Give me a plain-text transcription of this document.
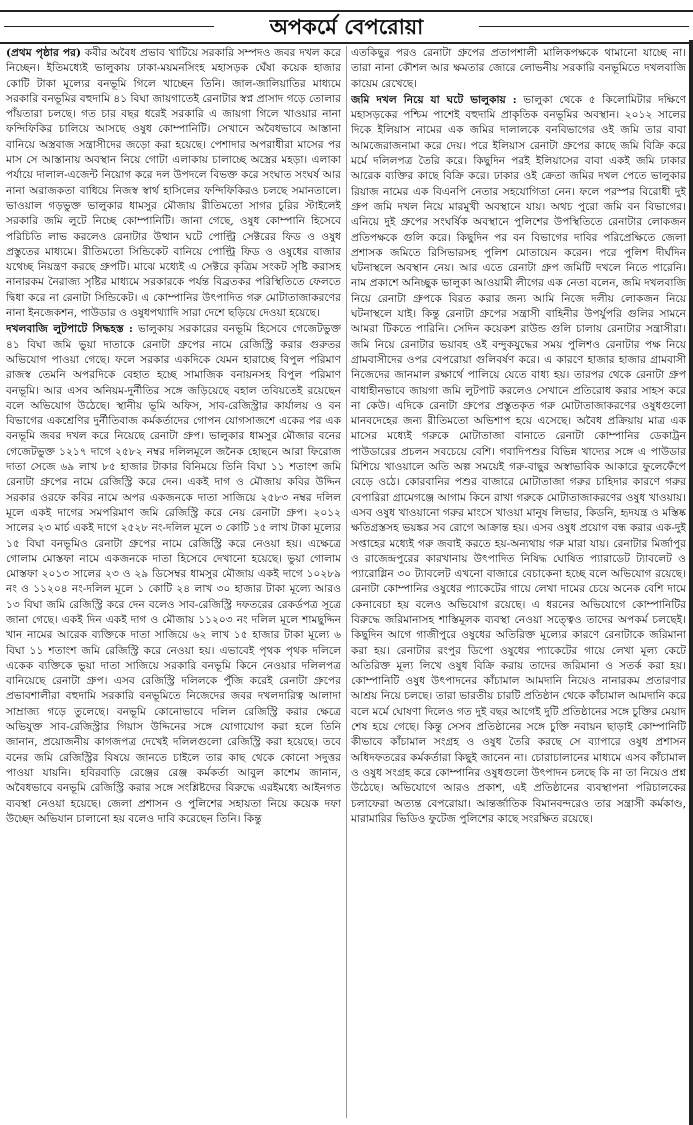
অপকর্মে বেপরোয়া

(প্রথম পৃষ্ঠার পর) কবীর অবৈধ প্রভাব খাটিয়ে সরকারি সম্পদও জবর দখল করে নিচ্ছেন। ইতিমধ্যেই ভালুকায় ঢাকা-ময়মনসিংহ মহাসড়ক ঘেঁষা কয়েক হাজার কোটি টাকা মূল্যের বনভূমি গিলে খাচ্ছেন তিনি। জাল-জালিয়াতির মাধ্যমে সরকারি বনভূমির বহুদামি ৪১ বিঘা জায়গাতেই রেনাটার স্বপ্ন প্রাসাদ গড়ে তোলার পাঁয়তারা চলছে। গত চার বছর ধরেই সরকারি এ জায়গা গিলে খাওয়ার নানা ফন্দিফিকির চালিয়ে আসছে ওষুধ কোম্পানিটি। সেখানে অবৈধভাবে আস্তানা বানিয়ে অস্ত্রবাজ সন্ত্রাসীদের জড়ো করা হয়েছে। পেশাদার অপরাধীরা মাসের পর মাস সে আস্তানায় অবস্থান নিয়ে গোটা এলাকায় চালাচ্ছে অস্ত্রের মহড়া। এলাকা পর্যায়ে দালাল-এজেন্ট নিয়োগ করে দল উপদলে বিভক্ত করে সংঘাত সংঘর্ষ আর নানা অরাজকতা বাধিয়ে নিজস্ব স্বার্থ হাসিলের ফন্দিফিকিরও চলছে সমানতালে। ভাওয়াল গড়ভুক্ত ভালুকার ধামসুর মৌজায় রীতিমতো সাগর চুরির স্টাইলেই সরকারি জমি লুটে নিচ্ছে কোম্পানিটি। জানা গেছে, ওষুধ কোম্পানি হিসেবে পরিচিতি লাভ করলেও রেনাটার উত্থান ঘটে পোল্ট্রি সেক্টরের ফিড ও ওষুধ প্রস্তুতের মাধ্যমে। রীতিমতো সিন্ডিকেট বানিয়ে পোল্ট্রি ফিড ও ওষুধের বাজার যথেচ্ছ নিয়ন্ত্রণ করছে গ্রুপটি। মাঝে মধ্যেই এ সেক্টরে কৃত্রিম সংকট সৃষ্টি করাসহ নানারকম নৈরাজ্য সৃষ্টির মাধ্যমে সরকারকে পর্যন্ত বিব্রতকর পরিস্থিতিতে ফেলতে দ্বিধা করে না রেনাটা সিন্ডিকেট। এ কোম্পানির উৎপাদিত গরু মোটাতাজাকরণের নানা ইনজেকশন, পাউডার ও ওষুধপথ্যাদি সারা দেশে ছড়িয়ে দেওয়া হয়েছে।

দখলবাজি লুটপাটে সিদ্ধহস্ত : ভালুকায় সরকারের বনভূমি হিসেবে গেজেটভুক্ত ৪১ বিঘা জমি ভুয়া দাতাকে রেনাটা গ্রুপের নামে রেজিস্ট্রি করার গুরুতর অভিযোগ পাওয়া গেছে। ফলে সরকার একদিকে যেমন হারাচ্ছে বিপুল পরিমাণ রাজস্ব তেমনি অপরদিকে বেহাত হচ্ছে সামাজিক বনায়নসহ বিপুল পরিমাণ বনভূমি। আর এসব অনিয়ম-দুর্নীতির সঙ্গে জড়িয়েছে বহাল তবিয়তেই রয়েছেন বলে অভিযোগ উঠেছে। স্থানীয় ভূমি অফিস, সাব-রেজিস্ট্রার কার্যালয় ও বন বিভাগের একশ্রেণির দুর্নীতিবাজ কর্মকর্তাদের গোপন যোগসাজশে একের পর এক বনভূমি জবর দখল করে নিয়েছে রেনাটা গ্রুপ। ভালুকার ধামসুর মৌজার বনের গেজেটভুক্ত ১২১৭ দাগে ২৫৮২ নম্বর দলিলমূলে জনৈক হোছনে আরা ফিরোজ দাতা সেজে ৬৯ লাখ ৮৫ হাজার টাকার বিনিময়ে তিনি বিঘা ১১ শতাংশ জমি রেনাটা গ্রুপের নামে রেজিস্ট্রি করে দেন। একই দাগ ও মৌজায় কবির উদ্দিন সরকার ওরফে কবির নামে অপর একজনকে দাতা সাজিয়ে ২৫৮৩ নম্বর দলিল মূলে একই দাগের সমপরিমাণ জমি রেজিস্ট্রি করে নেয় রেনাটা গ্রুপ। ২০১২ সালের ২৩ মার্চ একই দাগে ২৫২৮ নং-দলিল মূলে ৩ কোটি ১৫ লাখ টাকা মূল্যের ১৫ বিঘা বনভূমিও রেনাটা গ্রুপের নামে রেজিস্ট্রি করে নেওয়া হয়। এক্ষেত্রে গোলাম মোস্তফা নামে একজনকে দাতা হিসেবে দেখানো হয়েছে। ভুয়া গোলাম মোস্তফা ২০১৩ সালের ২৩ ও ২৯ ডিসেম্বর ধামসুর মৌজায় একই দাগে ১০২৮৯ নং ও ১১২০৪ নং-দলিল মূলে ১ কোটি ২৪ লাখ ৩০ হাজার টাকা মূল্যে আরও ১৩ বিঘা জমি রেজিস্ট্রি করে দেন বলেও সাব-রেজিস্ট্রি দফতরের রেকর্ডপত্র সূত্রে জানা গেছে। একই দিন একই দাগ ও মৌজায় ১১২০৩ নং দলিল মূলে শামছুদ্দিন খান নামের আরেক ব্যক্তিকে দাতা সাজিয়ে ৬২ লাখ ১৫ হাজার টাকা মূল্যে ৬ বিঘা ১১ শতাংশ জমি রেজিস্ট্রি করে নেওয়া হয়। এভাবেই পৃথক পৃথক দলিলে একেক ব্যক্তিকে ভুয়া দাতা সাজিয়ে সরকারি বনভূমি কিনে নেওয়ার দলিলপত্র বানিয়েছে রেনাটা গ্রুপ। এসব রেজিস্ট্রি দলিলকে পুঁজি করেই রেনাটা গ্রুপের প্রভাবশালীরা বহুদামি সরকারি বনভূমিতে নিজেদের জবর দখলদারিত্ব আলাদা সাম্রাজ্য গড়ে তুলেছে। বনভূমি কোনোভাবে দলিল রেজিস্ট্রি করার ক্ষেত্রে অভিযুক্ত সাব-রেজিস্ট্রার গিয়াস উদ্দিনের সঙ্গে যোগাযোগ করা হলে তিনি জানান, প্রয়োজনীয় কাগজপত্র দেখেই দলিলগুলো রেজিস্ট্রি করা হয়েছে। তবে বনের জমি রেজিস্ট্রির বিষয়ে জানতে চাইলে তার কাছ থেকে কোনো সদুত্তর পাওয়া যায়নি। হবিরবাড়ি রেঞ্জের রেঞ্জ কর্মকর্তা আবুল কাশেম জানান, অবৈধভাবে বনভূমি রেজিস্ট্রি করার সঙ্গে সংশ্লিষ্টদের বিরুদ্ধে এরইমধ্যে আইনগত ব্যবস্থা নেওয়া হয়েছে। জেলা প্রশাসন ও পুলিশের সহায়তা নিয়ে কয়েক দফা উচ্ছেদ অভিযান চালানো হয় বলেও দাবি করেছেন তিনি। কিন্তু

এতকিছুর পরও রেনাটা গ্রুপের প্রতাপশালী মালিকপক্ষকে থামানো যাচ্ছে না। তারা নানা কৌশল আর ক্ষমতার জোরে লোভনীয় সরকারি বনভূমিতে দখলবাজি কায়েম রেখেছে।

জমি দখল নিয়ে যা ঘটে ভালুকায় : ভালুকা থেকে ৫ কিলোমিটার দক্ষিণে মহাসড়কের পশ্চিম পাশেই বহুদামি প্রাকৃতিক বনভূমির অবস্থান। ২০১২ সালের দিকে ইলিয়াস নামের এক জমির দালালকে বনবিভাগের ওই জমি তার বাবা আমজেরাজনামা করে দেয়। পরে ইলিয়াস রেনাটা গ্রুপের কাছে জমি বিক্রি করে মর্মে দলিলপত্র তৈরি করে। কিছুদিন পরই ইলিয়াসের বাবা একই জমি ঢাকার আরেক ব্যক্তির কাছে বিক্রি করে। ঢাকার ওই ক্রেতা জমির দখল পেতে ভালুকার রিয়াজ নামের এক বিএনপি নেতার সহযোগিতা নেন। ফলে পরস্পর বিরোধী দুই গ্রুপ জমি দখল নিয়ে মারমুখী অবস্থানে যায়। অথচ পুরো জমি বন বিভাগের। এনিয়ে দুই গ্রুপের সংঘর্ষিক অবস্থানে পুলিশের উপস্থিতিতে রেনাটার লোকজন প্রতিপক্ষকে গুলি করে। কিছুদিন পর বন বিভাগের দাবির পরিপ্রেক্ষিতে জেলা প্রশাসক জমিতে রিসিভারসহ পুলিশ মোতায়েন করেন। পরে পুলিশ দীর্ঘদিন ঘটনাস্থলে অবস্থান নেয়। আর এতে রেনাটা গ্রুপ জমিটি দখলে নিতে পারেনি। নাম প্রকাশে অনিচ্ছুক ভালুকা আওয়ামী লীগের এক নেতা বলেন, জমি দখলবাজি নিয়ে রেনাটা গ্রুপকে বিরত করার জন্য আমি নিজে দলীয় লোকজন নিয়ে ঘটনাস্থলে যাই। কিন্তু রেনাটা গ্রুপের সন্ত্রাসী বাহিনীর উপর্যুপরি গুলির সামনে আমরা টিকতে পারিনি। সেদিন কয়েকশ রাউন্ড গুলি চালায় রেনাটার সন্ত্রাসীরা। জমি নিয়ে রেনাটার ভয়াবহ ওই বন্দুকযুদ্ধের সময় পুলিশও রেনাটার পক্ষ নিয়ে গ্রামবাসীদের ওপর বেপরোয়া গুলিবর্ষণ করে। এ কারণে হাজার হাজার গ্রামবাসী নিজেদের জানমাল রক্ষার্থে পালিয়ে যেতে বাধ্য হয়। তারপর থেকে রেনাটা গ্রুপ বাধাহীনভাবে জায়গা জমি লুটপাট করলেও সেখানে প্রতিরোধ করার সাহস করে না কেউ। এদিকে রেনাটা গ্রুপের প্রস্তুতকৃত গরু মোটাতাজাকরণের ওষুধগুলো মানবদেহের জন্য রীতিমতো অভিশাপ হয়ে এসেছে। অবৈধ প্রক্রিয়ায় মাত্র এক মাসের মধ্যেই গরুকে মোটাতাজা বানাতে রেনাটা কোম্পানির ডেকাট্রন পাউডারের প্রচলন সবচেয়ে বেশি। গবাদিপশুর বিভিন্ন খাদ্যের সঙ্গে এ পাউডার মিশিয়ে খাওয়ালে অতি অল্প সময়েই গরু-বাছুর অস্বাভাবিক আকারে ফুলেফেঁপে বেড়ে ওঠে। কোরবানির পশুর বাজারে মোটাতাজা গরুর চাহিদার কারণে গরুর বেপারিরা গ্রামেগঞ্জে আগাম কিনে রাখা গরুকে মোটাতাজাকরণের ওষুধ খাওয়ায়। এসব ওষুধ খাওয়ানো গরুর মাংসে খাওয়া মানুষ লিভার, কিডনি, হৃদযন্ত্র ও মস্তিষ্ক ক্ষতিগ্রস্তসহ ভয়ঙ্কর সব রোগে আক্রান্ত হয়। এসব ওষুধ প্রয়োগ বন্ধ করার এক-দুই সপ্তাহের মধ্যেই গরু জবাই করতে হয়-অন্যথায় গরু মারা যায়। রেনাটার মির্জাপুর ও রাজেন্দ্রপুরের কারখানায় উৎপাদিত নিষিদ্ধ ঘোষিত প্যারাডেট ট্যাবলেট ও প্যারোগ্লিন ৩০ ট্যাবলেট এখনো বাজারে বেচাকেনা হচ্ছে বলে অভিযোগ রয়েছে। রেনাটা কোম্পানির ওষুধের প্যাকেটের গায়ে লেখা দামের চেয়ে অনেক বেশি দামে কেনাবেচা হয় বলেও অভিযোগ রয়েছে। এ ধরনের অভিযোগে কোম্পানিটির বিরুদ্ধে জরিমানাসহ শাস্তিমূলক ব্যবস্থা নেওয়া সত্ত্বেও তাদের অপকর্ম চলছেই। কিছুদিন আগে গাজীপুরে ওষুধের অতিরিক্ত মূল্যের কারণে রেনাটাকে জরিমানা করা হয়। রেনাটার রংপুর ডিপো ওষুধের প্যাকেটের গায়ে লেখা মূল্য কেটে অতিরিক্ত মূল্য লিখে ওষুধ বিক্রি করায় তাদের জরিমানা ও সতর্ক করা হয়। কোম্পানিটি ওষুধ উৎপাদনের কাঁচামাল আমদানি নিয়েও নানারকম প্রতারণার আশ্রয় নিয়ে চলছে। তারা ভারতীয় চারটি প্রতিষ্ঠান থেকে কাঁচামাল আমদানি করে বলে মর্মে ঘোষণা দিলেও গত দুই বছর আগেই দুটি প্রতিষ্ঠানের সঙ্গে চুক্তির মেয়াদ শেষ হয়ে গেছে। কিন্তু সেসব প্রতিষ্ঠানের সঙ্গে চুক্তি নবায়ন ছাড়াই কোম্পানিটি কীভাবে কাঁচামাল সংগ্রহ ও ওষুধ তৈরি করছে সে ব্যাপারে ওষুধ প্রশাসন অধিদফতরের কর্মকর্তারা কিছুই জানেন না। চোরাচালানের মাধ্যমে এসব কাঁচামাল ও ওষুধ সংগ্রহ করে কোম্পানির ওষুধগুলো উৎপাদন চলছে কি না তা নিয়েও প্রশ্ন উঠেছে। অভিযোগে আরও প্রকাশ, এই প্রতিষ্ঠানের ব্যবস্থাপনা পরিচালকের চলাফেরা অত্যন্ত বেপরোয়া। আন্তর্জাতিক বিমানবন্দরেও তার সন্ত্রাসী কর্মকাণ্ড, মারামারির ভিডিও ফুটেজ পুলিশের কাছে সংরক্ষিত রয়েছে।
